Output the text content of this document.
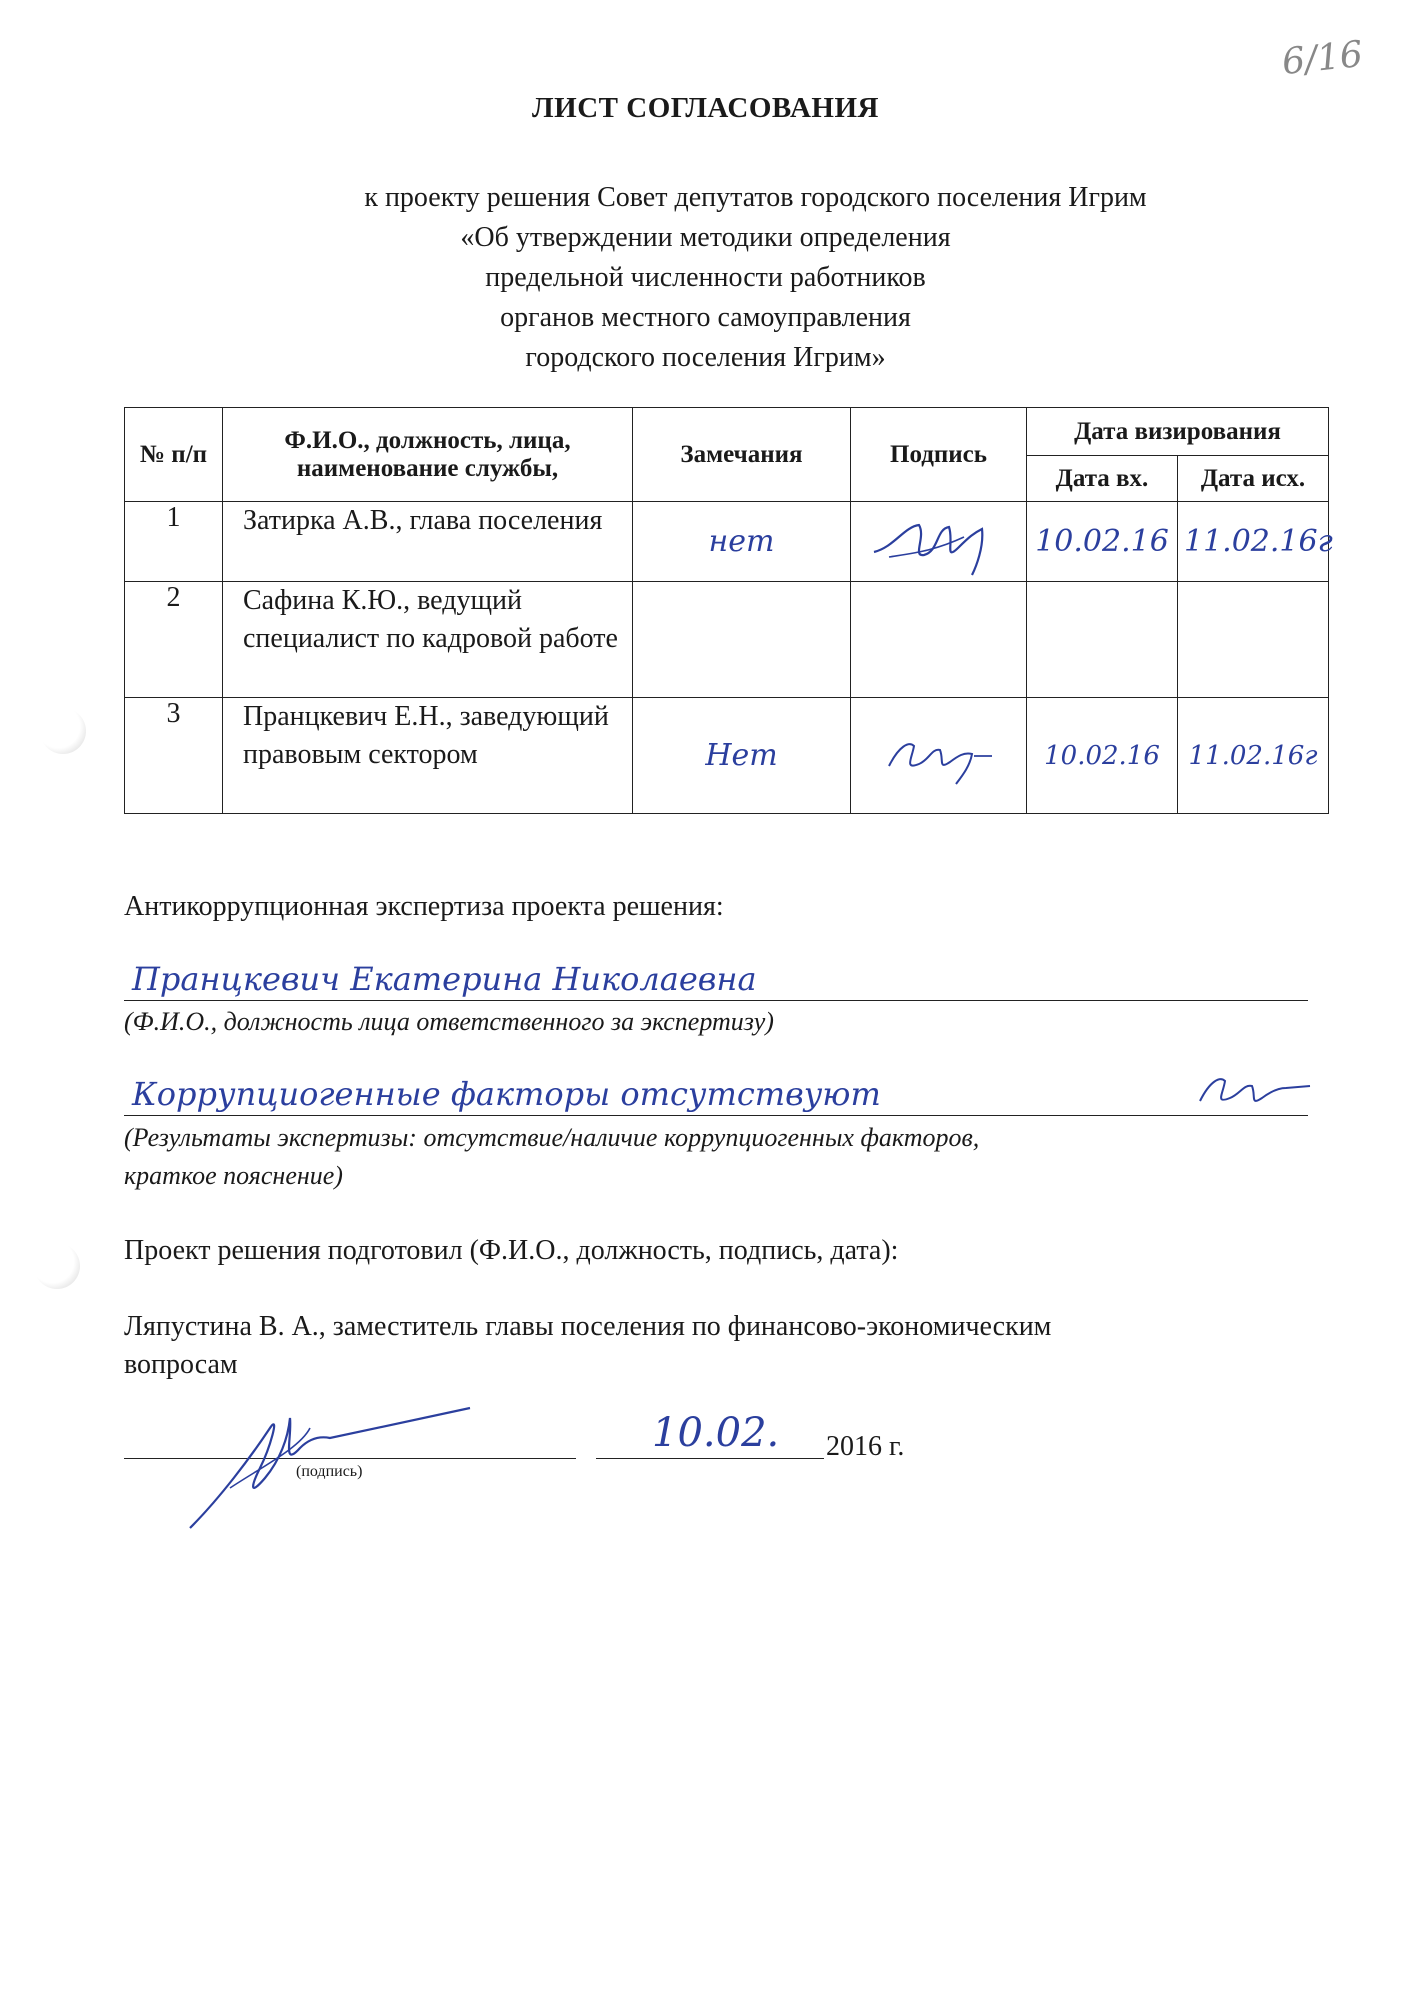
6/16
ЛИСТ СОГЛАСОВАНИЯ
к проекту решения Совет депутатов городского поселения Игрим
«Об утверждении методики определения
предельной численности работников
органов местного самоуправления
городского поселения Игрим»
№ п/п	Ф.И.О., должность, лица, наименование службы,	Замечания	Подпись	Дата визирования	
				Дата вх.	Дата исх.
1	Затирка А.В., глава поселения	нет		10.02.16	11.02.16г

2	Сафина К.Ю., ведущий специалист по кадровой работе				
3	Пранцкевич Е.Н., заведующий правовым сектором	Нет		10.02.16	11.02.16г
Антикоррупционная экспертиза проекта решения:
Пранцкевич Екатерина Николаевна
(Ф.И.О., должность лица ответственного за экспертизу)
Коррупциогенные факторы отсутствуют
(Результаты экспертизы: отсутствие/наличие коррупциогенных факторов,
краткое пояснение)
Проект решения подготовил (Ф.И.О., должность, подпись, дата):
Ляпустина В. А., заместитель главы поселения по финансово-экономическим
вопросам
(подпись)
10.02. 2016 г.
